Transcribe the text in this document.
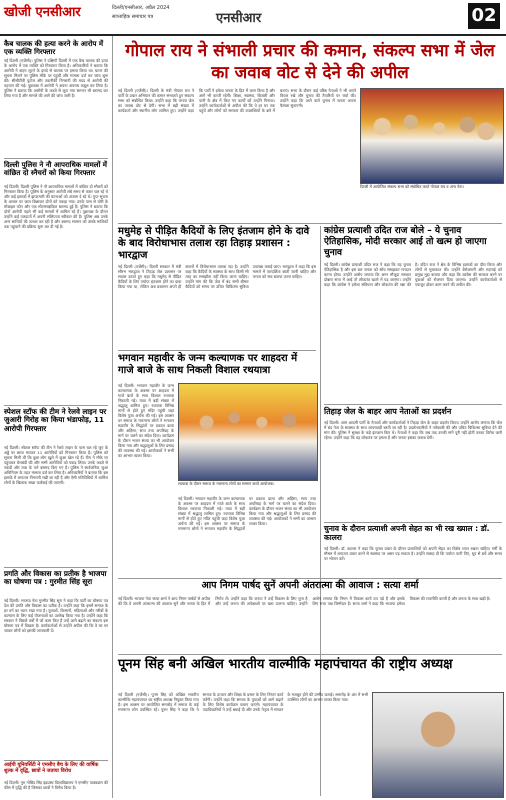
खोजी एनसीआर	दिल्ली/एनसीआर, अप्रैल 2024
साप्ताहिक समाचार पत्र	एनसीआर	02
कैब चालक की हत्या करने के आरोप में एक व्यक्ति गिरफ्तार

नई दिल्ली (एजेंसी)। पुलिस ने दक्षिणी दिल्ली में एक कैब चालक की हत्या के आरोप में एक व्यक्ति को गिरफ्तार किया है। अधिकारियों ने बताया कि आरोपी ने वाहन लूटने के इरादे से चालक पर हमला किया था। घटना की सूचना मिलने पर पुलिस मौके पर पहुंची और मामला दर्ज कर जांच शुरू की। सीसीटीवी फुटेज और तकनीकी निगरानी की मदद से आरोपी की पहचान की गई। पूछताछ में आरोपी ने अपना अपराध कबूल कर लिया है। पुलिस ने बताया कि आरोपी के कब्जे से लूटा गया सामान भी बरामद कर लिया गया है और मामले की आगे की जांच जारी है।

दिल्ली पुलिस ने नौ आपराधिक मामलों में वांछित दो स्नैचरों को किया गिरफ्तार

नई दिल्ली। दिल्ली पुलिस ने नौ आपराधिक मामलों में वांछित दो स्नैचरों को गिरफ्तार किया है। पुलिस के अनुसार आरोपी लंबे समय से फरार चल रहे थे और कई इलाकों में झपटमारी की घटनाओं को अंजाम दे रहे थे। गुप्त सूचना के आधार पर जाल बिछाकर दोनों को पकड़ा गया। उनके पास से चोरी के मोबाइल फोन और एक मोटरसाइकिल बरामद हुई है। पुलिस ने बताया कि दोनों आरोपी पहले भी कई मामलों में शामिल रहे हैं। पूछताछ के दौरान उन्होंने कई वारदातों में अपनी संलिप्तता स्वीकार की है। पुलिस अब उनके अन्य साथियों की तलाश कर रही है और बरामद सामान को उसके मालिकों तक पहुंचाने की प्रक्रिया शुरू कर दी गई है।

स्पेशल स्टॉफ की टीम ने रेलवे लाइन पर जुआरी गिरोह का किया भंडाफोड़, 11 आरोपी गिरफ्तार

नई दिल्ली। स्पेशल स्टॉफ की टीम ने रेलवे लाइन के पास चल रहे जुए के अड्डे पर छापा मारकर 11 आरोपियों को गिरफ्तार किया है। पुलिस को सूचना मिली थी कि कुछ लोग खुले में जुआ खेल रहे हैं। टीम ने मौके पर पहुंचकर घेराबंदी की और सभी आरोपियों को पकड़ लिया। उनके कब्जे से नकदी और ताश के पत्ते बरामद किए गए हैं। पुलिस ने सार्वजनिक जुआ अधिनियम के तहत मामला दर्ज कर लिया है। अधिकारियों ने बताया कि इस इलाके में लगातार निगरानी रखी जा रही है और ऐसी गतिविधियों में शामिल लोगों के खिलाफ सख्त कार्रवाई की जाएगी।

प्रगति और विकास का प्रतीक है भाजपा का घोषणा पत्र : गुरमीत सिंह सूरा

नई दिल्ली। भाजपा नेता गुरमीत सिंह सूरा ने कहा कि पार्टी का घोषणा पत्र देश की प्रगति और विकास का प्रतीक है। उन्होंने कहा कि इसमें समाज के हर वर्ग का ध्यान रखा गया है। युवाओं, किसानों, महिलाओं और गरीबों के कल्याण के लिए कई योजनाओं का उल्लेख किया गया है। उन्होंने कहा कि सरकार ने पिछले वर्षों में जो काम किए हैं उन्हें आगे बढ़ाने का संकल्प इस घोषणा पत्र में दिखता है। कार्यकर्ताओं से उन्होंने अपील की कि वे घर घर जाकर लोगों को इसकी जानकारी दें।

आईपी यूनिवर्सिटी ने एमसीए बैच के लिए की वार्षिक शुल्क में वृद्धि, छात्रों ने जताया विरोध

नई दिल्ली। गुरु गोबिंद सिंह इंद्रप्रस्थ विश्वविद्यालय ने एमसीए पाठ्यक्रम की फीस में वृद्धि की है जिसका छात्रों ने विरोध किया है।

गोपाल राय ने संभाली प्रचार की कमान, संकल्प सभा में जेल का जवाब वोट से देने की अपील

नई दिल्ली (एजेंसी)। दिल्ली के मंत्री गोपाल राय ने पार्टी के प्रचार अभियान की कमान संभालते हुए संकल्प सभा को संबोधित किया। उन्होंने कहा कि जनता जेल का जवाब वोट से देगी। सभा में बड़ी संख्या में कार्यकर्ता और स्थानीय लोग शामिल हुए। उन्होंने कहा कि पार्टी ने हमेशा जनता के हित में काम किया है और आगे भी करती रहेगी। शिक्षा, स्वास्थ्य, बिजली और पानी के क्षेत्र में किए गए कार्यों को उन्होंने गिनाया। उन्होंने कार्यकर्ताओं से अपील की कि वे हर घर तक पहुंचें और लोगों को सरकार की उपलब्धियों के बारे में बताएं। सभा के दौरान कई वरिष्ठ नेताओं ने भी अपने विचार रखे और चुनाव की तैयारियों पर चर्चा की। उन्होंने कहा कि आने वाले चुनाव में जनता अपना फैसला सुनाएगी।

दिल्ली में आयोजित संकल्प सभा को संबोधित करते गोपाल राय व अन्य नेता।
मधुमेह से पीड़ित कैदियों के लिए इंतजाम होने के दावे के बाद विरोधाभास तलाश रहा तिहाड़ प्रशासन : भारद्वाज

नई दिल्ली (एजेंसी)। दिल्ली सरकार में मंत्री सौरभ भारद्वाज ने तिहाड़ जेल प्रशासन पर सवाल उठाते हुए कहा कि मधुमेह से पीड़ित कैदियों के लिए पर्याप्त इंतजाम होने का दावा किया गया था, लेकिन अब प्रशासन अपने ही बयानों में विरोधाभास तलाश रहा है। उन्होंने कहा कि कैदियों के स्वास्थ्य के साथ किसी भी तरह का समझौता नहीं किया जाना चाहिए। उन्होंने मांग की कि जेल में बंद सभी बीमार कैदियों को समय पर उचित चिकित्सा सुविधा उपलब्ध कराई जाए। भारद्वाज ने कहा कि इस मामले में पारदर्शिता बरती जानी चाहिए और जनता को सच बताया जाना चाहिए।

कांग्रेस प्रत्याशी उदित राज बोले – ये चुनाव ऐतिहासिक, मोदी सरकार आई तो खत्म हो जाएगा चुनाव

नई दिल्ली। कांग्रेस प्रत्याशी उदित राज ने कहा कि यह चुनाव ऐतिहासिक है और इस बार जनता को सोच समझकर मतदान करना होगा। उन्होंने आरोप लगाया कि अगर मौजूदा सरकार दोबारा सत्ता में आई तो लोकतंत्र खतरे में पड़ जाएगा। उन्होंने कहा कि कांग्रेस ने हमेशा संविधान और लोकतंत्र की रक्षा की है। उदित राज ने क्षेत्र के विभिन्न इलाकों का दौरा किया और लोगों से मुलाकात की। उन्होंने बेरोजगारी और महंगाई को प्रमुख मुद्दा बताया और कहा कि कांग्रेस की सरकार बनने पर युवाओं को रोजगार दिया जाएगा। उन्होंने कार्यकर्ताओं से एकजुट होकर काम करने की अपील की।

भगवान महावीर के जन्म कल्याणक पर शाहदरा में गाजे बाजे के साथ निकली विशाल रथयात्रा

नई दिल्ली। भगवान महावीर के जन्म कल्याणक के अवसर पर शाहदरा में गाजे बाजे के साथ विशाल रथयात्रा निकाली गई। यात्रा में बड़ी संख्या में श्रद्धालु शामिल हुए। रथयात्रा विभिन्न मार्गों से होते हुए मंदिर पहुंची जहां विशेष पूजा अर्चना की गई। इस अवसर पर समाज के गणमान्य लोगों ने भगवान महावीर के सिद्धांतों पर प्रकाश डाला और अहिंसा, सत्य तथा अपरिग्रह के मार्ग पर चलने का संदेश दिया। कार्यक्रम के दौरान भजन संध्या का भी आयोजन किया गया और श्रद्धालुओं के लिए प्रसाद की व्यवस्था की गई। आयोजकों ने सभी का आभार व्यक्त किया।

रथयात्रा के दौरान समाज के गणमान्य लोगों का सम्मान करते आयोजक।

नई दिल्ली। भगवान महावीर के जन्म कल्याणक के अवसर पर शाहदरा में गाजे बाजे के साथ विशाल रथयात्रा निकाली गई। यात्रा में बड़ी संख्या में श्रद्धालु शामिल हुए। रथयात्रा विभिन्न मार्गों से होते हुए मंदिर पहुंची जहां विशेष पूजा अर्चना की गई। इस अवसर पर समाज के गणमान्य लोगों ने भगवान महावीर के सिद्धांतों पर प्रकाश डाला और अहिंसा, सत्य तथा अपरिग्रह के मार्ग पर चलने का संदेश दिया। कार्यक्रम के दौरान भजन संध्या का भी आयोजन किया गया और श्रद्धालुओं के लिए प्रसाद की व्यवस्था की गई। आयोजकों ने सभी का आभार व्यक्त किया।

तिहाड़ जेल के बाहर आप नेताओं का प्रदर्शन

नई दिल्ली। आम आदमी पार्टी के नेताओं और कार्यकर्ताओं ने तिहाड़ जेल के बाहर प्रदर्शन किया। उन्होंने आरोप लगाया कि जेल में बंद नेता के स्वास्थ्य के साथ लापरवाही बरती जा रही है। प्रदर्शनकारियों ने नारेबाजी की और उचित चिकित्सा सुविधा देने की मांग की। पुलिस ने सुरक्षा के कड़े इंतजाम किए थे। नेताओं ने कहा कि जब तक उनकी मांगें पूरी नहीं होतीं उनका विरोध जारी रहेगा। उन्होंने कहा कि यह लोकतंत्र पर हमला है और जनता इसका जवाब देगी।

चुनाव के दौरान प्रत्याशी अपनी सेहत का भी रख ख्याल : डॉ. कालरा

नई दिल्ली। डॉ. कालरा ने कहा कि चुनाव प्रचार के दौरान प्रत्याशियों को अपनी सेहत का विशेष ध्यान रखना चाहिए। गर्मी के मौसम में लगातार प्रचार करने से स्वास्थ्य पर असर पड़ सकता है। उन्होंने सलाह दी कि पर्याप्त पानी पिएं, धूप से बचें और समय पर भोजन करें।

आप निगम पार्षद सुनें अपनी अंतरात्मा की आवाज : सत्या शर्मा

नई दिल्ली। भाजपा नेता सत्या शर्मा ने आप निगम पार्षदों से अपील की कि वे अपनी अंतरात्मा की आवाज सुनें और जनता के हित में निर्णय लें। उन्होंने कहा कि जनता ने उन्हें विकास के लिए चुना है और उन्हें जनता की अपेक्षाओं पर खरा उतरना चाहिए। उन्होंने आरोप लगाया कि निगम में विकास कार्य ठप पड़े हैं और इसके लिए सत्ता पक्ष जिम्मेदार है। सत्या शर्मा ने कहा कि भाजपा हमेशा विकास की राजनीति करती है और जनता के साथ खड़ी है।

पूनम सिंह बनी अखिल भारतीय वाल्मीकि महापंचायत की राष्ट्रीय अध्यक्ष

नई दिल्ली (एजेंसी)। पूनम सिंह को अखिल भारतीय वाल्मीकि महापंचायत का राष्ट्रीय अध्यक्ष नियुक्त किया गया है। इस अवसर पर आयोजित समारोह में समाज के कई गणमान्य लोग उपस्थित रहे। पूनम सिंह ने कहा कि वे समाज के उत्थान और शिक्षा के प्रसार के लिए निरंतर कार्य करेंगी। उन्होंने कहा कि समाज के युवाओं को आगे बढ़ाने के लिए विशेष कार्यक्रम चलाए जाएंगे। महापंचायत के पदाधिकारियों ने उन्हें बधाई दी और उनके नेतृत्व में संगठन के मजबूत होने की उम्मीद जताई। समारोह के अंत में सभी उपस्थित लोगों का आभार व्यक्त किया गया।
